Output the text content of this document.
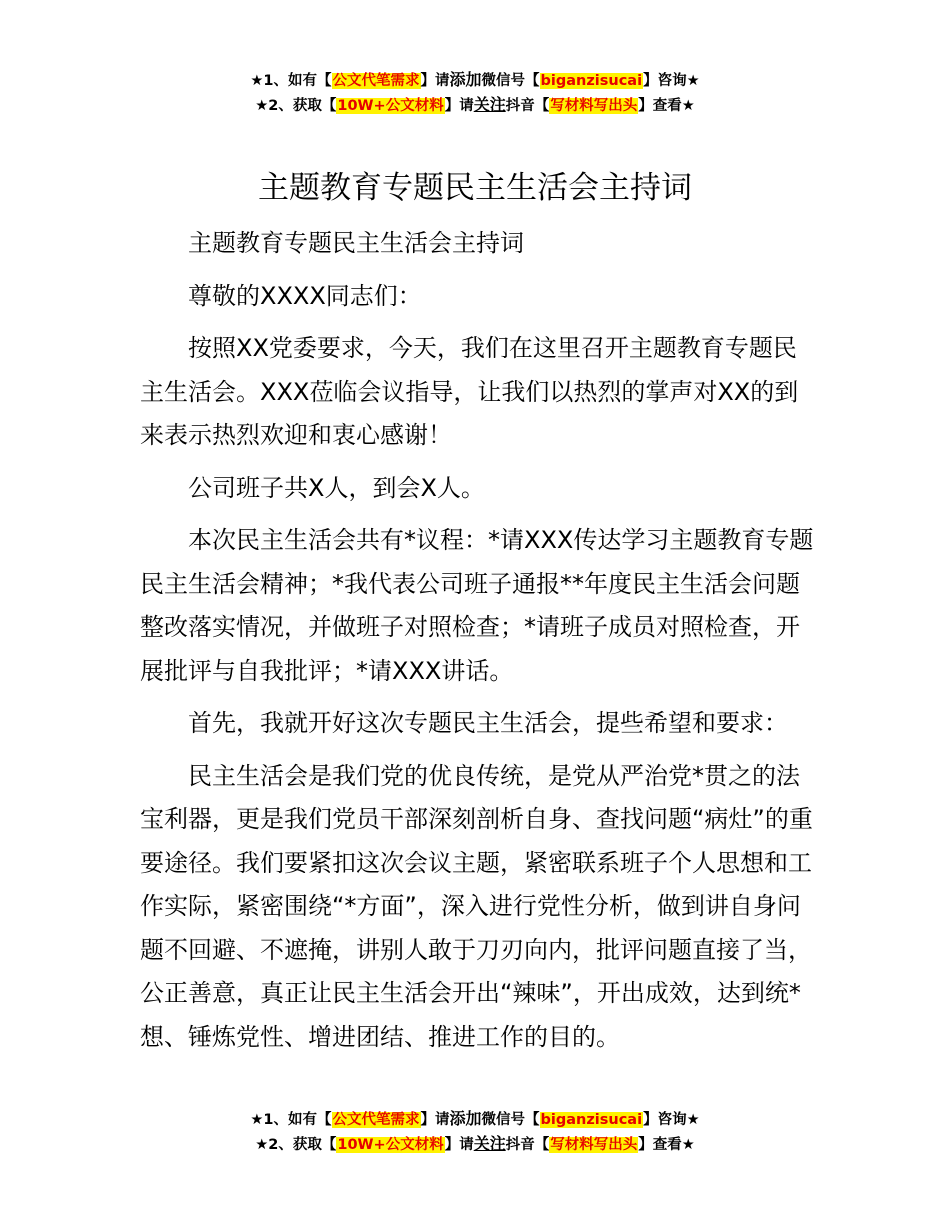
★1、如有【公文代笔需求】请添加微信号【biganzisucai】咨询★
★2、获取【10W+公文材料】请关注抖音【写材料写出头】查看★
主题教育专题民主生活会主持词

主题教育专题民主生活会主持词

尊敬的XXXX同志们：

按照XX党委要求，今天，我们在这里召开主题教育专题民主生活会。XXX莅临会议指导，让我们以热烈的掌声对XX的到来表示热烈欢迎和衷心感谢！

公司班子共X人，到会X人。

本次民主生活会共有*议程：*请XXX传达学习主题教育专题民主生活会精神；*我代表公司班子通报**年度民主生活会问题整改落实情况，并做班子对照检查；*请班子成员对照检查，开展批评与自我批评；*请XXX讲话。

首先，我就开好这次专题民主生活会，提些希望和要求：

民主生活会是我们党的优良传统，是党从严治党*贯之的法宝利器，更是我们党员干部深刻剖析自身、查找问题“病灶”的重要途径。我们要紧扣这次会议主题，紧密联系班子个人思想和工作实际，紧密围绕“*方面”，深入进行党性分析，做到讲自身问题不回避、不遮掩，讲别人敢于刀刃向内，批评问题直接了当，公正善意，真正让民主生活会开出“辣味”，开出成效，达到统*想、锤炼党性、增进团结、推进工作的目的。

★1、如有【公文代笔需求】请添加微信号【biganzisucai】咨询★
★2、获取【10W+公文材料】请关注抖音【写材料写出头】查看★
